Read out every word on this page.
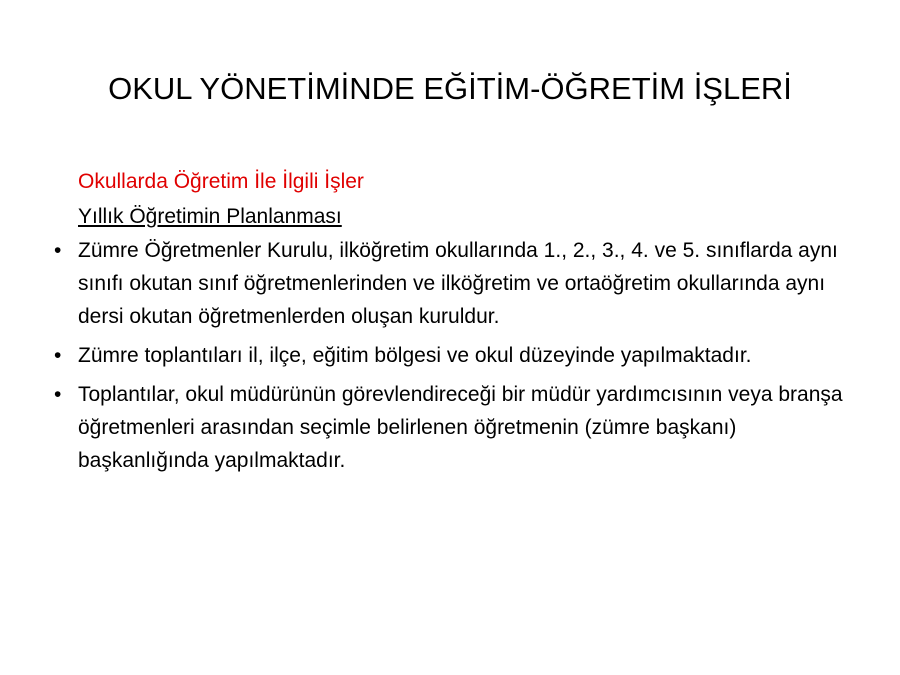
OKUL YÖNETİMİNDE EĞİTİM-ÖĞRETİM İŞLERİ
Okullarda Öğretim İle İlgili İşler
Yıllık Öğretimin Planlanması
• Zümre Öğretmenler Kurulu, ilköğretim okullarında 1., 2., 3., 4. ve 5. sınıflarda aynı sınıfı okutan sınıf öğretmenlerinden ve ilköğretim ve ortaöğretim okullarında aynı dersi okutan öğretmenlerden oluşan kuruldur.
• Zümre toplantıları il, ilçe, eğitim bölgesi ve okul düzeyinde yapılmaktadır.
• Toplantılar, okul müdürünün görevlendireceği bir müdür yardımcısının veya branşa öğretmenleri arasından seçimle belirlenen öğretmenin (zümre başkanı) başkanlığında yapılmaktadır.
